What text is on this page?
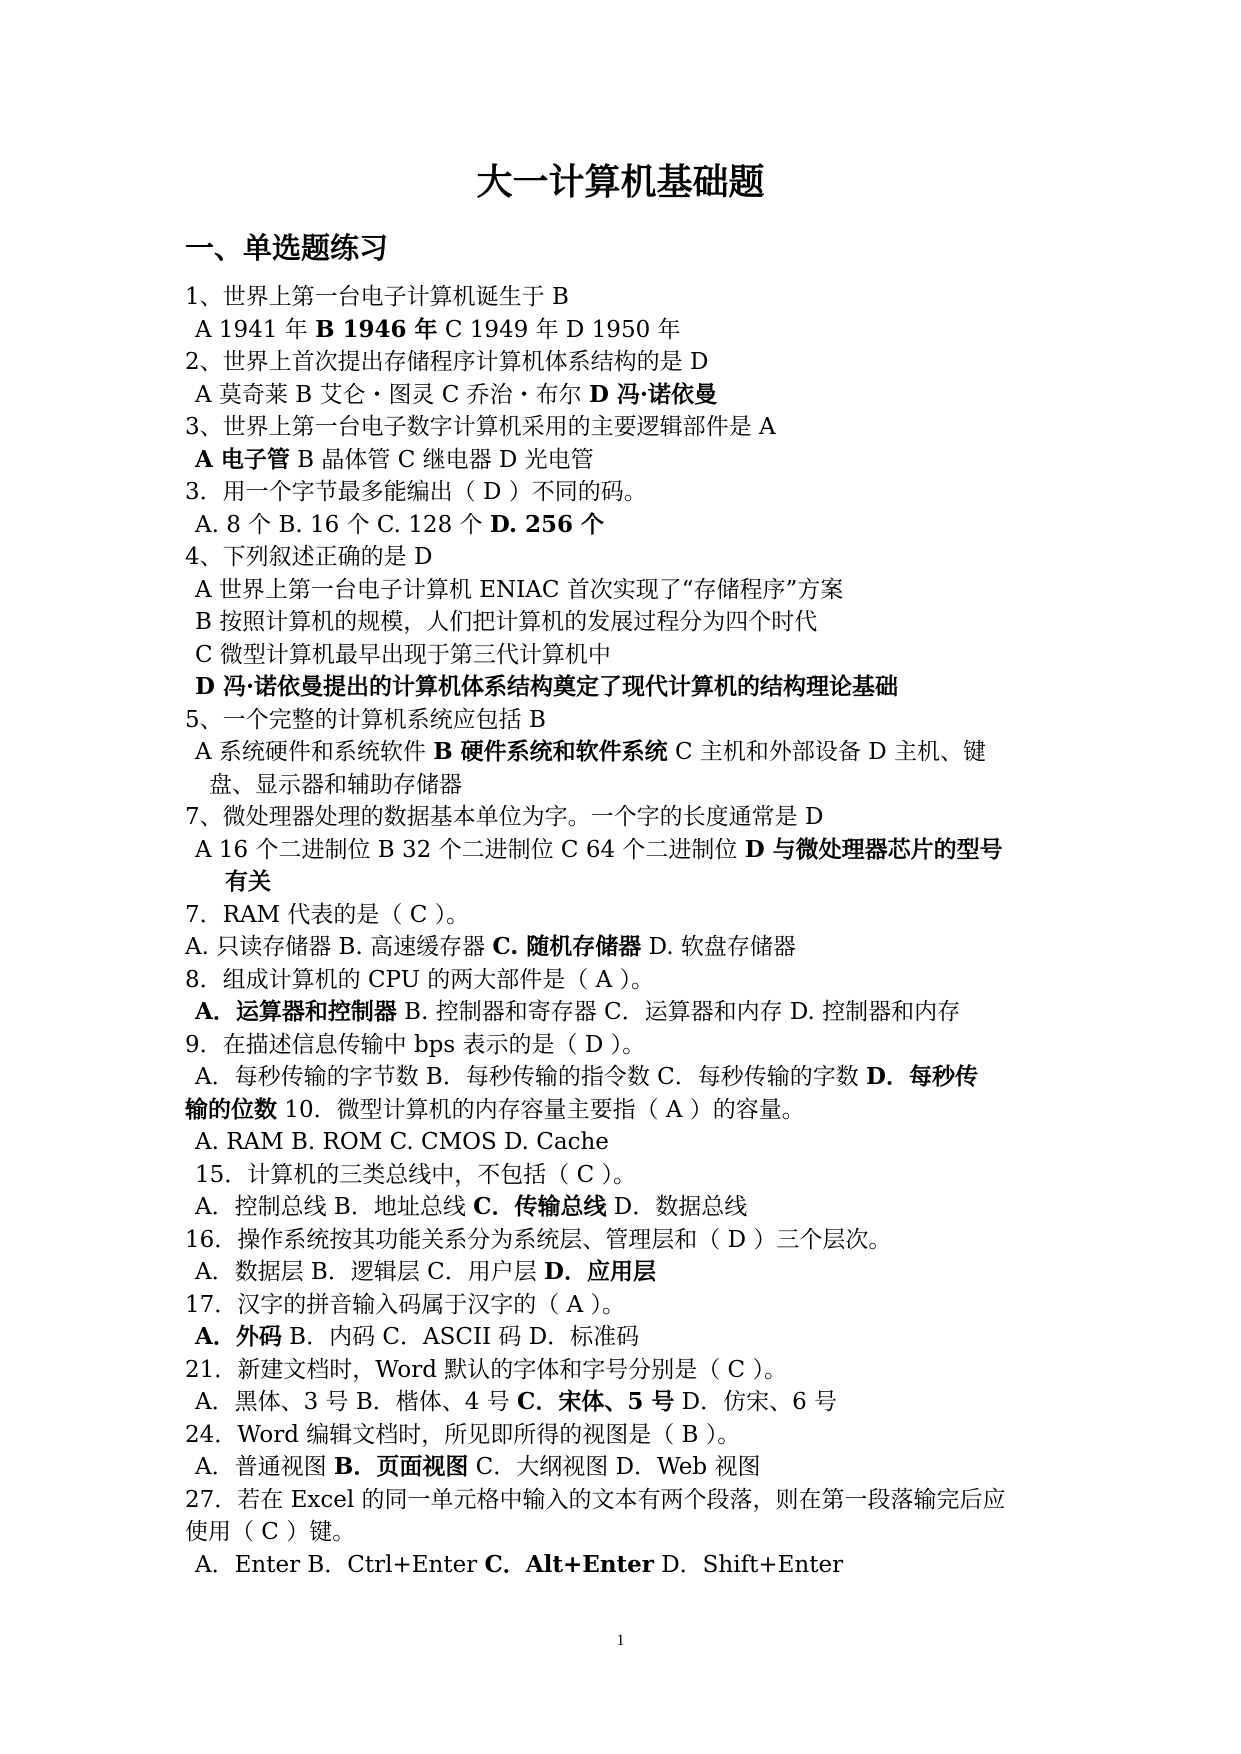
大一计算机基础题
一、单选题练习
1、世界上第一台电子计算机诞生于 B
A 1941 年 B 1946 年 C 1949 年 D 1950 年
2、世界上首次提出存储程序计算机体系结构的是 D
A 莫奇莱 B 艾仑・图灵 C 乔治・布尔 D 冯·诺依曼
3、世界上第一台电子数字计算机采用的主要逻辑部件是 A
A 电子管 B 晶体管 C 继电器 D 光电管
3．用一个字节最多能编出（ D ）不同的码。
A. 8 个 B. 16 个 C. 128 个 D. 256 个
4、下列叙述正确的是 D
A 世界上第一台电子计算机 ENIAC 首次实现了“存储程序”方案
B 按照计算机的规模，人们把计算机的发展过程分为四个时代
C 微型计算机最早出现于第三代计算机中
D 冯·诺依曼提出的计算机体系结构奠定了现代计算机的结构理论基础
5、一个完整的计算机系统应包括 B
A 系统硬件和系统软件 B 硬件系统和软件系统 C 主机和外部设备 D 主机、键
盘、显示器和辅助存储器
7、微处理器处理的数据基本单位为字。一个字的长度通常是 D
A 16 个二进制位 B 32 个二进制位 C 64 个二进制位 D 与微处理器芯片的型号
有关
7．RAM 代表的是（ C ）。
A. 只读存储器 B. 高速缓存器 C. 随机存储器 D. 软盘存储器
8．组成计算机的 CPU 的两大部件是（ A ）。
A．运算器和控制器 B. 控制器和寄存器 C．运算器和内存 D. 控制器和内存
9．在描述信息传输中 bps 表示的是（ D ）。
A．每秒传输的字节数 B．每秒传输的指令数 C．每秒传输的字数 D．每秒传
输的位数 10．微型计算机的内存容量主要指（ A ）的容量。
A. RAM B. ROM C. CMOS D. Cache
15．计算机的三类总线中，不包括（ C ）。
A．控制总线 B．地址总线 C．传输总线 D．数据总线
16．操作系统按其功能关系分为系统层、管理层和（ D ）三个层次。
A．数据层 B．逻辑层 C．用户层 D．应用层
17．汉字的拼音输入码属于汉字的（ A ）。
A．外码 B．内码 C．ASCII 码 D．标准码
21．新建文档时，Word 默认的字体和字号分别是（ C ）。
A．黑体、3 号 B．楷体、4 号 C．宋体、5 号 D．仿宋、6 号
24．Word 编辑文档时，所见即所得的视图是（ B ）。
A．普通视图 B．页面视图 C．大纲视图 D．Web 视图
27．若在 Excel 的同一单元格中输入的文本有两个段落，则在第一段落输完后应
使用（ C ）键。
A．Enter B．Ctrl+Enter C．Alt+Enter D．Shift+Enter
1
